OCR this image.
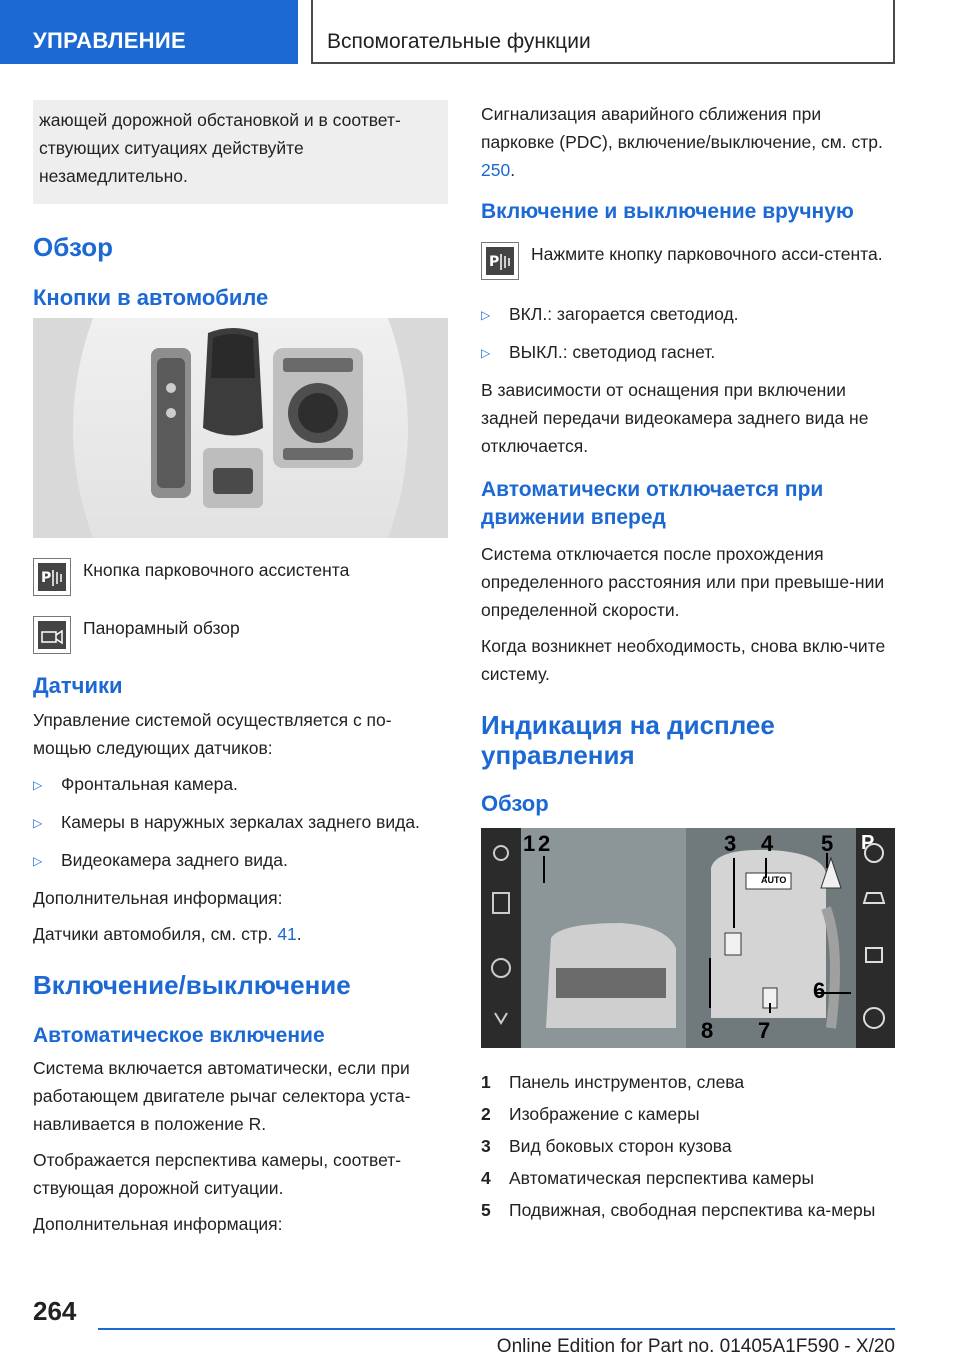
УПРАВЛЕНИЕ	Вспомогательные функции
жающей дорожной обстановкой и в соответ-ствующих ситуациях действуйте незамедлительно.
Обзор
Кнопки в автомобиле
P Кнопка парковочного ассистента
Панорамный обзор
Датчики

Управление системой осуществляется с по-мощью следующих датчиков:

▷	Фронтальная камера.
▷	Камеры в наружных зеркалах заднего вида.
▷	Видеокамера заднего вида.

Дополнительная информация:

Датчики автомобиля, см. стр. 41.

Включение/выключение
Автоматическое включение

Система включается автоматически, если при работающем двигателе рычаг селектора уста-навливается в положение R.

Отображается перспектива камеры, соответ-ствующая дорожной ситуации.

Дополнительная информация:

Сигнализация аварийного сближения при парковке (PDC), включение/выключение, см. стр. 250.

Включение и выключение вручную
P Нажмите кнопку парковочного асси-стента.
▷	ВКЛ.: загорается светодиод.
▷	ВЫКЛ.: светодиод гаснет.

В зависимости от оснащения при включении задней передачи видеокамера заднего вида не отключается.

Автоматически отключается при движении вперед

Система отключается после прохождения определенного расстояния или при превыше-нии определенной скорости.

Когда возникнет необходимость, снова вклю-чите систему.

Индикация на дисплее управления
Обзор
1 2	3 4 5
6
7
8
AUTO
P
1	Панель инструментов, слева
2	Изображение с камеры
3	Вид боковых сторон кузова
4	Автоматическая перспектива камеры
5	Подвижная, свободная перспектива ка-меры
264
Online Edition for Part no. 01405A1F590 - X/20
